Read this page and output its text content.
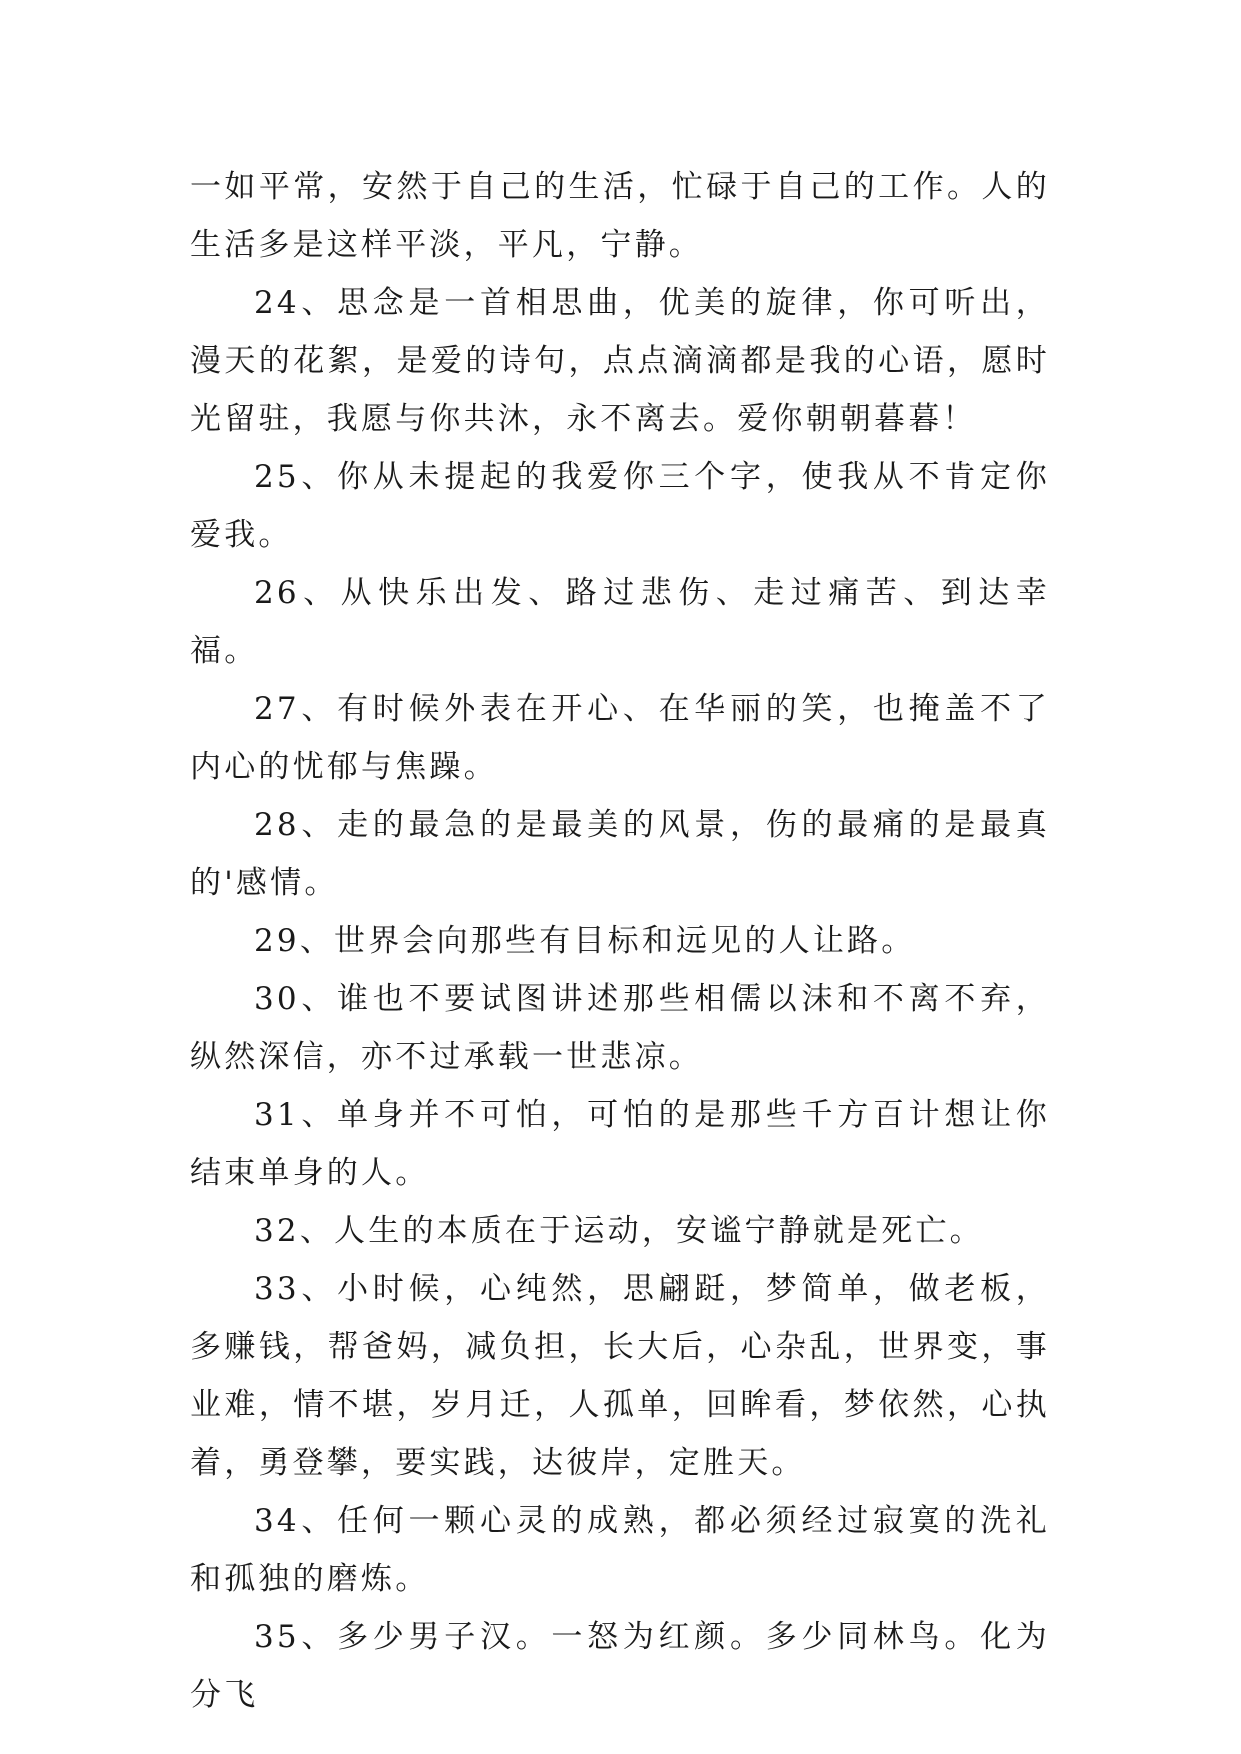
一如平常，安然于自己的生活，忙碌于自己的工作。人的生活多是这样平淡，平凡，宁静。

24、思念是一首相思曲，优美的旋律，你可听出，漫天的花絮，是爱的诗句，点点滴滴都是我的心语，愿时光留驻，我愿与你共沐，永不离去。爱你朝朝暮暮！

25、你从未提起的我爱你三个字，使我从不肯定你爱我。

26、从快乐出发、路过悲伤、走过痛苦、到达幸福。

27、有时候外表在开心、在华丽的笑，也掩盖不了内心的忧郁与焦躁。

28、走的最急的是最美的风景，伤的最痛的是最真的'感情。

29、世界会向那些有目标和远见的人让路。

30、谁也不要试图讲述那些相儒以沫和不离不弃，纵然深信，亦不过承载一世悲凉。

31、单身并不可怕，可怕的是那些千方百计想让你结束单身的人。

32、人生的本质在于运动，安谧宁静就是死亡。

33、小时候，心纯然，思翩跹，梦简单，做老板，多赚钱，帮爸妈，减负担，长大后，心杂乱，世界变，事业难，情不堪，岁月迁，人孤单，回眸看，梦依然，心执着，勇登攀，要实践，达彼岸，定胜天。

34、任何一颗心灵的成熟，都必须经过寂寞的洗礼和孤独的磨炼。

35、多少男子汉。一怒为红颜。多少同林鸟。化为分飞
